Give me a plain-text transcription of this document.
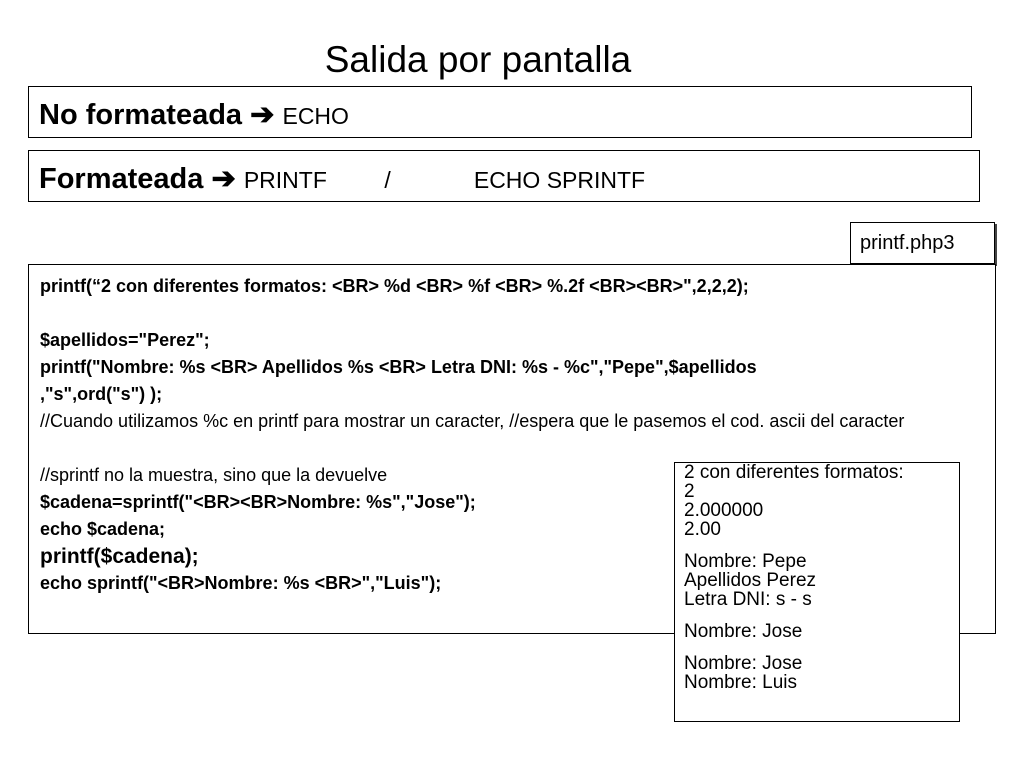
Salida por pantalla
No formateada ➔ ECHO
Formateada ➔ PRINTF         /             ECHO SPRINTF
printf.php3
printf(“2 con diferentes formatos: <BR> %d <BR> %f <BR> %.2f <BR><BR>",2,2,2);
$apellidos="Perez";
printf("Nombre: %s <BR> Apellidos %s <BR> Letra DNI: %s - %c","Pepe",$apellidos
,"s",ord("s") );
//Cuando utilizamos %c en printf para mostrar un caracter, //espera que le pasemos el cod. ascii del caracter
//sprintf no la muestra, sino que la devuelve
$cadena=sprintf("<BR><BR>Nombre: %s","Jose");
echo $cadena;
printf($cadena);
echo sprintf("<BR>Nombre: %s <BR>","Luis");
2 con diferentes formatos:
2
2.000000
2.00
Nombre: Pepe
Apellidos Perez
Letra DNI: s - s
Nombre: Jose
Nombre: Jose
Nombre: Luis
